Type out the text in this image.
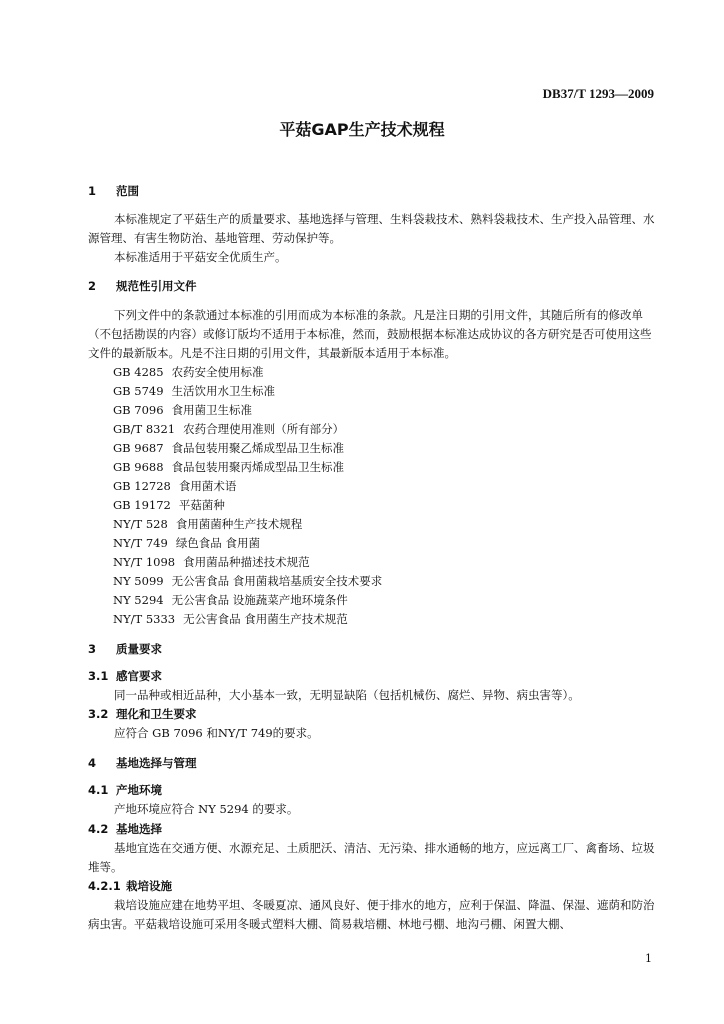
DB37/T 1293—2009
平菇GAP生产技术规程
1 范围
本标准规定了平菇生产的质量要求、基地选择与管理、生料袋栽技术、熟料袋栽技术、生产投入品管理、水源管理、有害生物防治、基地管理、劳动保护等。
本标准适用于平菇安全优质生产。
2 规范性引用文件
下列文件中的条款通过本标准的引用而成为本标准的条款。凡是注日期的引用文件，其随后所有的修改单（不包括勘误的内容）或修订版均不适用于本标准，然而，鼓励根据本标准达成协议的各方研究是否可使用这些文件的最新版本。凡是不注日期的引用文件，其最新版本适用于本标准。
GB 4285 农药安全使用标准
GB 5749 生活饮用水卫生标准
GB 7096 食用菌卫生标准
GB/T 8321 农药合理使用准则（所有部分）
GB 9687 食品包装用聚乙烯成型品卫生标准
GB 9688 食品包装用聚丙烯成型品卫生标准
GB 12728 食用菌术语
GB 19172 平菇菌种
NY/T 528 食用菌菌种生产技术规程
NY/T 749 绿色食品 食用菌
NY/T 1098 食用菌品种描述技术规范
NY 5099 无公害食品 食用菌栽培基质安全技术要求
NY 5294 无公害食品 设施蔬菜产地环境条件
NY/T 5333 无公害食品 食用菌生产技术规范
3 质量要求
3.1 感官要求
同一品种或相近品种，大小基本一致，无明显缺陷（包括机械伤、腐烂、异物、病虫害等）。
3.2 理化和卫生要求
应符合 GB 7096 和NY/T 749的要求。
4 基地选择与管理
4.1 产地环境
产地环境应符合 NY 5294 的要求。
4.2 基地选择
基地宜选在交通方便、水源充足、土质肥沃、清洁、无污染、排水通畅的地方，应远离工厂、禽畜场、垃圾堆等。
4.2.1 栽培设施
栽培设施应建在地势平坦、冬暖夏凉、通风良好、便于排水的地方，应利于保温、降温、保湿、遮荫和防治病虫害。平菇栽培设施可采用冬暖式塑料大棚、简易栽培棚、林地弓棚、地沟弓棚、闲置大棚、
1
